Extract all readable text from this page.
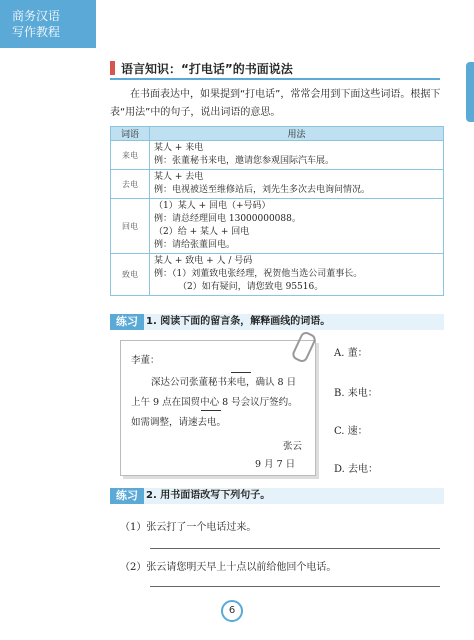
商务汉语
写作教程
语言知识：“打电话”的书面说法
在书面表达中，如果提到“打电话”，常常会用到下面这些词语。根据下表“用法”中的句子，说出词语的意思。
词语	用法
来电	某人 + 来电
例：张董秘书来电，邀请您参观国际汽车展。

去电	某人 + 去电
例：电视被送至维修站后，刘先生多次去电询问情况。

回电	（1）某人 + 回电（+号码）
例：请总经理回电 13000000088。
（2）给 + 某人 + 回电
例：请给张董回电。

致电	某人 + 致电 + 人 / 号码
例：（1）刘董致电张经理，祝贺他当选公司董事长。
（2）如有疑问，请您致电 95516。
练习 1. 阅读下面的留言条，解释画线的词语。
李董：
深达公司张董秘书来电，确认 8 日
上午 9 点在国贸中心 8 号会议厅签约。
如需调整，请速去电。
张云
9 月 7 日
A. 董：
B. 来电：
C. 速：
D. 去电：
练习 2. 用书面语改写下列句子。
（1）张云打了一个电话过来。
（2）张云请您明天早上十点以前给他回个电话。
6
